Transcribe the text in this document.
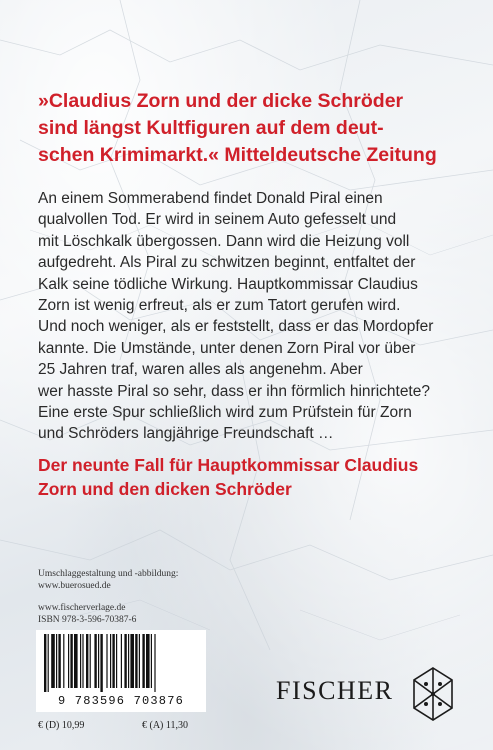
»Claudius Zorn und der dicke Schröder
sind längst Kultfiguren auf dem deut-
schen Krimimarkt.« Mitteldeutsche Zeitung
An einem Sommerabend findet Donald Piral einen
qualvollen Tod. Er wird in seinem Auto gefesselt und
mit Löschkalk übergossen. Dann wird die Heizung voll
aufgedreht. Als Piral zu schwitzen beginnt, entfaltet der
Kalk seine tödliche Wirkung. Hauptkommissar Claudius
Zorn ist wenig erfreut, als er zum Tatort gerufen wird.
Und noch weniger, als er feststellt, dass er das Mordopfer
kannte. Die Umstände, unter denen Zorn Piral vor über
25 Jahren traf, waren alles als angenehm. Aber
wer hasste Piral so sehr, dass er ihn förmlich hinrichtete?
Eine erste Spur schließlich wird zum Prüfstein für Zorn
und Schröders langjährige Freundschaft …
Der neunte Fall für Hauptkommissar Claudius
Zorn und den dicken Schröder
Umschlaggestaltung und -abbildung:
www.buerosued.de
www.fischerverlage.de
ISBN 978-3-596-70387-6
9 783596 703876
€ (D) 10,99	€ (A) 11,30
FISCHER
